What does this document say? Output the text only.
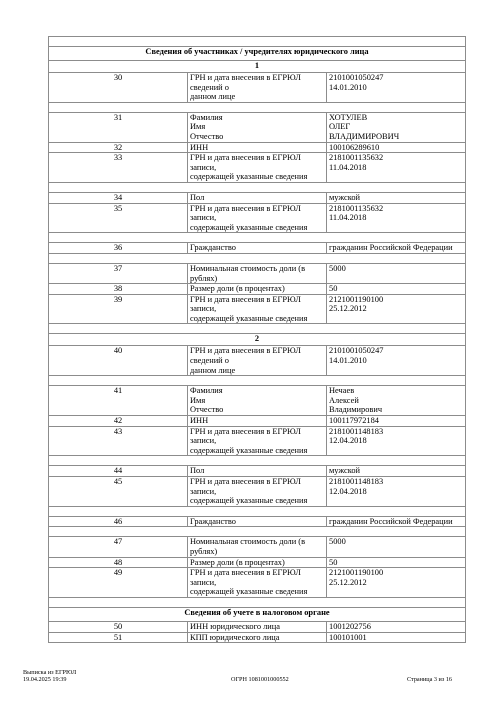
Сведения об участниках / учредителях юридического лица		
1		
30	ГРН и дата внесения в ЕГРЮЛ сведений о
данном лице	2101001050247
14.01.2010

31	Фамилия
Имя
Отчество	ХОТУЛЕВ
ОЛЕГ
ВЛАДИМИРОВИЧ
32	ИНН	100106289610
33	ГРН и дата внесения в ЕГРЮЛ записи,
содержащей указанные сведения	2181001135632
11.04.2018

34	Пол	мужской
35	ГРН и дата внесения в ЕГРЮЛ записи,
содержащей указанные сведения	2181001135632
11.04.2018

36	Гражданство	гражданин Российской Федерации

37	Номинальная стоимость доли (в рублях)	5000
38	Размер доли (в процентах)	50
39	ГРН и дата внесения в ЕГРЮЛ записи,
содержащей указанные сведения	2121001190100
25.12.2012

2		
40	ГРН и дата внесения в ЕГРЮЛ сведений о
данном лице	2101001050247
14.01.2010

41	Фамилия
Имя
Отчество	Нечаев
Алексей
Владимирович
42	ИНН	100117972184
43	ГРН и дата внесения в ЕГРЮЛ записи,
содержащей указанные сведения	2181001148183
12.04.2018

44	Пол	мужской
45	ГРН и дата внесения в ЕГРЮЛ записи,
содержащей указанные сведения	2181001148183
12.04.2018

46	Гражданство	гражданин Российской Федерации

47	Номинальная стоимость доли (в рублях)	5000
48	Размер доли (в процентах)	50
49	ГРН и дата внесения в ЕГРЮЛ записи,
содержащей указанные сведения	2121001190100
25.12.2012

Сведения об учете в налоговом органе		
50	ИНН юридического лица	1001202756
51	КПП юридического лица	100101001
Выписка из ЕГРЮЛ
19.04.2025 19:39	ОГРН 1081001000552	Страница 3 из 16
